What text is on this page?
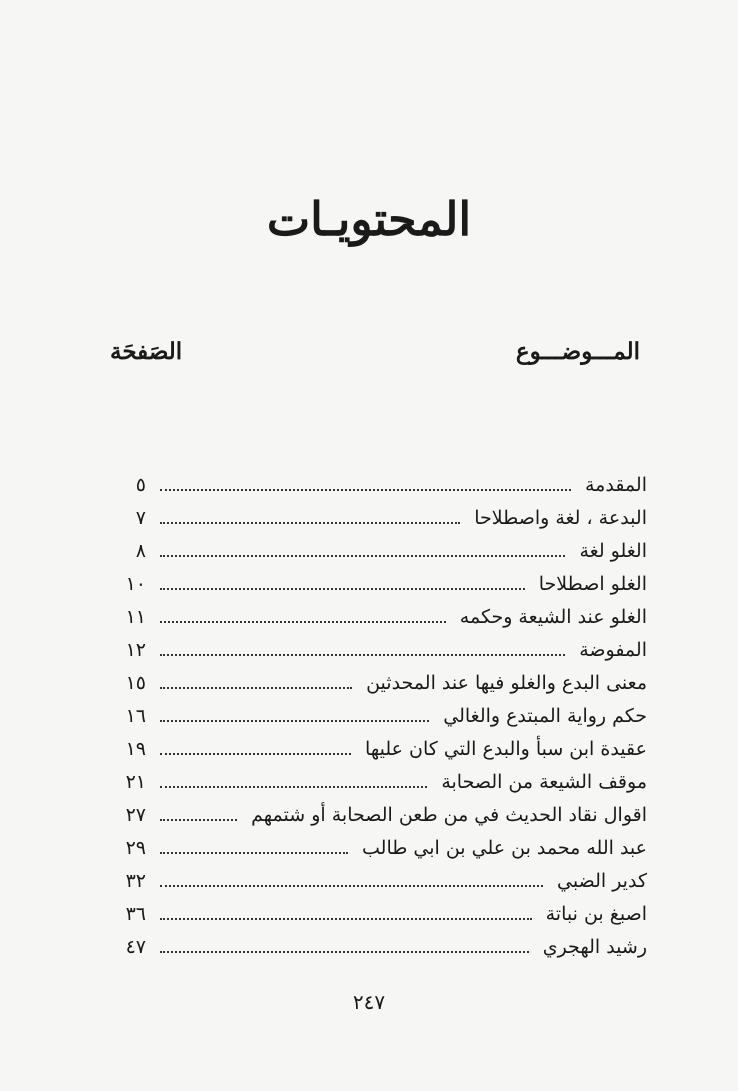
المحتويـات
المـــوضـــوع
الصَفحَة
المقدمة
٥
البدعة ، لغة واصطلاحا
٧
الغلو لغة
٨
الغلو اصطلاحا
١٠
الغلو عند الشيعة وحكمه
١١
المفوضة
١٢
معنى البدع والغلو فيها عند المحدثين
١٥
حكم رواية المبتدع والغالي
١٦
عقيدة ابن سبأ والبدع التي كان عليها
١٩
موقف الشيعة من الصحابة
٢١
اقوال نقاد الحديث في من طعن الصحابة أو شتمهم
٢٧
عبد الله محمد بن علي بن ابي طالب
٢٩
كدير الضبي
٣٢
اصبغ بن نباتة
٣٦
رشيد الهجري
٤٧
٢٤٧
